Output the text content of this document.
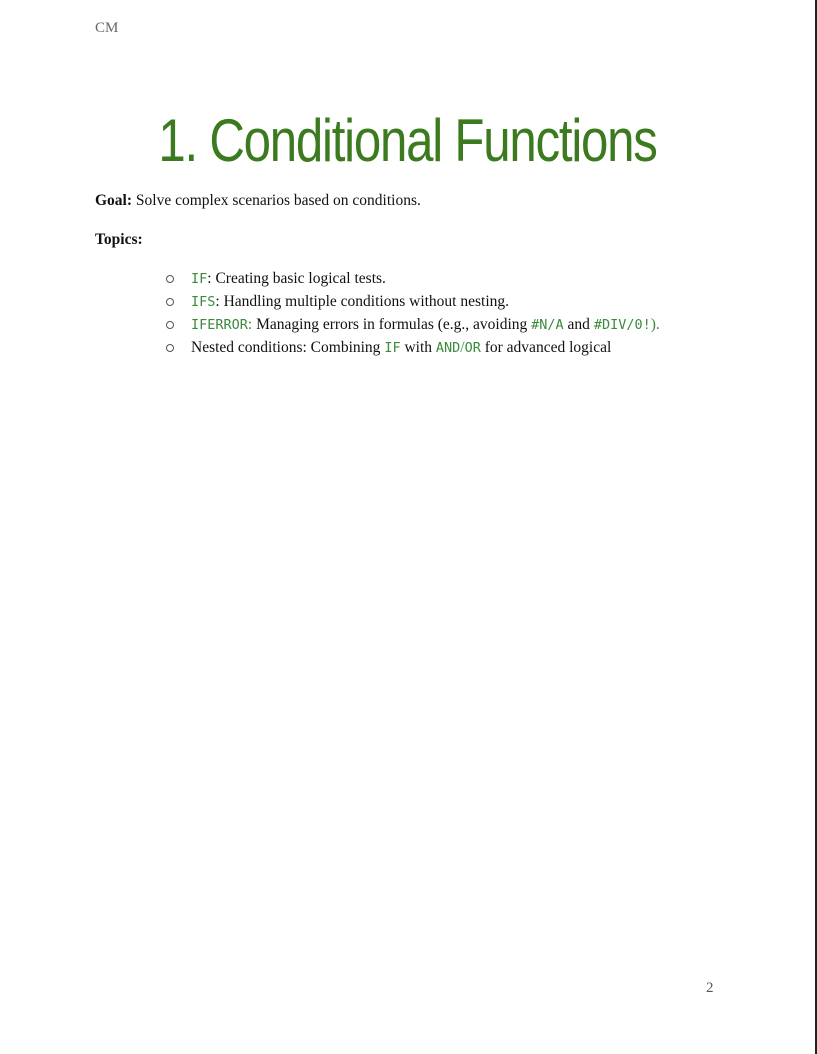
CM
1. Conditional Functions

Goal: Solve complex scenarios based on conditions.

Topics:

IF: Creating basic logical tests.
IFS: Handling multiple conditions without nesting.
IFERROR: Managing errors in formulas (e.g., avoiding #N/A and #DIV/0!).
Nested conditions: Combining IF with AND/OR for advanced logical
2
